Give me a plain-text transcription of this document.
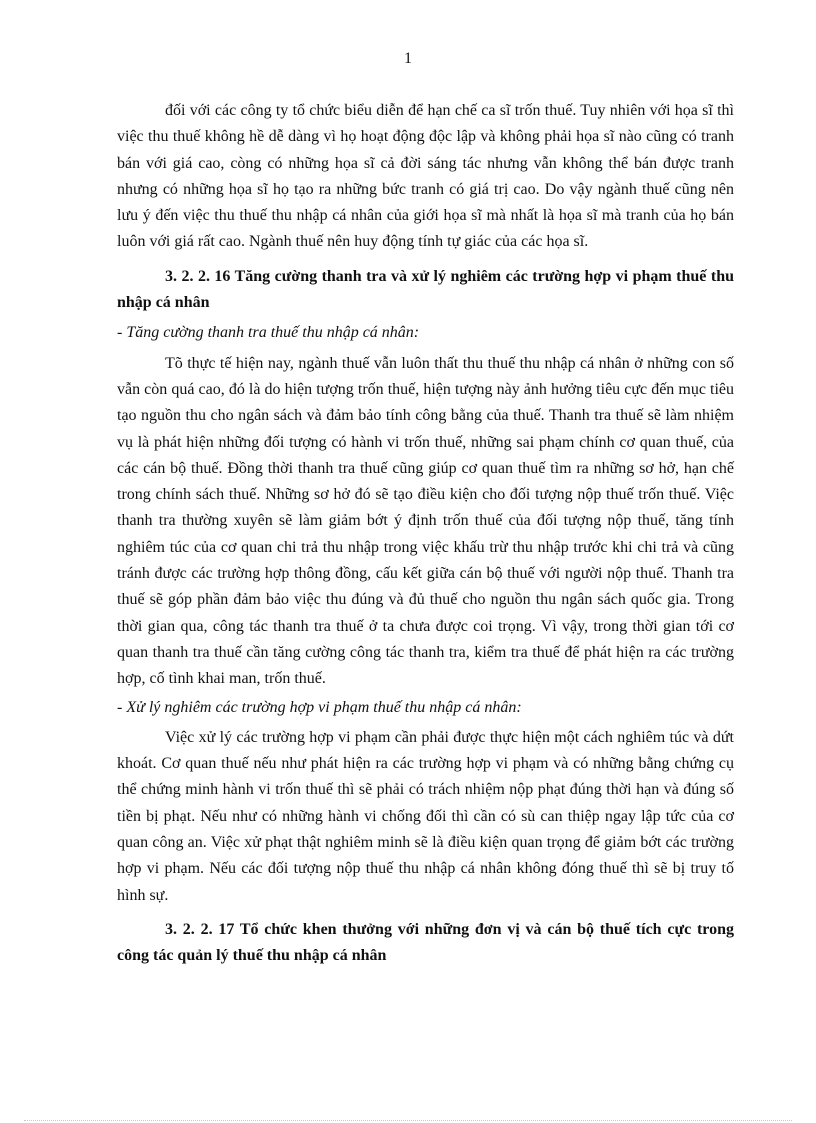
1

đối với các công ty tổ chức biểu diễn để hạn chế ca sĩ trốn thuế. Tuy nhiên với họa sĩ thì việc thu thuế không hề dễ dàng vì họ hoạt động độc lập và không phải họa sĩ nào cũng có tranh bán với giá cao, còng có những họa sĩ cả đời sáng tác nhưng vẫn không thể bán được tranh nhưng có những họa sĩ họ tạo ra những bức tranh có giá trị cao. Do vậy ngành thuế cũng nên lưu ý đến việc thu thuế thu nhập cá nhân của giới họa sĩ mà nhất là họa sĩ mà tranh của họ bán luôn với giá rất cao. Ngành thuế nên huy động tính tự giác của các họa sĩ.

3. 2. 2. 16 Tăng cường thanh tra và xử lý nghiêm các trường hợp vi phạm thuế thu nhập cá nhân

- Tăng cường thanh tra thuế thu nhập cá nhân:

Tõ thực tế hiện nay, ngành thuế vẫn luôn thất thu thuế thu nhập cá nhân ở những con số vẫn còn quá cao, đó là do hiện tượng trốn thuế, hiện tượng này ảnh hưởng tiêu cực đến mục tiêu tạo nguồn thu cho ngân sách và đảm bảo tính công bằng của thuế. Thanh tra thuế sẽ làm nhiệm vụ là phát hiện những đối tượng có hành vi trốn thuế, những sai phạm chính cơ quan thuế, của các cán bộ thuế. Đồng thời thanh tra thuế cũng giúp cơ quan thuế tìm ra những sơ hở, hạn chế trong chính sách thuế. Những sơ hở đó sẽ tạo điều kiện cho đối tượng nộp thuế trốn thuế. Việc thanh tra thường xuyên sẽ làm giảm bớt ý định trốn thuế của đối tượng nộp thuế, tăng tính nghiêm túc của cơ quan chi trả thu nhập trong việc khấu trừ thu nhập trước khi chi trả và cũng tránh được các trường hợp thông đồng, cấu kết giữa cán bộ thuế với người nộp thuế. Thanh tra thuế sẽ góp phần đảm bảo việc thu đúng và đủ thuế cho nguồn thu ngân sách quốc gia. Trong thời gian qua, công tác thanh tra thuế ở ta chưa được coi trọng. Vì vậy, trong thời gian tới cơ quan thanh tra thuế cần tăng cường công tác thanh tra, kiểm tra thuế để phát hiện ra các trường hợp, cố tình khai man, trốn thuế.

- Xử lý nghiêm các trường hợp vi phạm thuế thu nhập cá nhân:

Việc xử lý các trường hợp vi phạm cần phải được thực hiện một cách nghiêm túc và dứt khoát. Cơ quan thuế nếu như phát hiện ra các trường hợp vi phạm và có những bằng chứng cụ thể chứng minh hành vi trốn thuế thì sẽ phải có trách nhiệm nộp phạt đúng thời hạn và đúng số tiền bị phạt. Nếu như có những hành vi chống đối thì cần có sù can thiệp ngay lập tức của cơ quan công an. Việc xử phạt thật nghiêm minh sẽ là điều kiện quan trọng để giảm bớt các trường hợp vi phạm. Nếu các đối tượng nộp thuế thu nhập cá nhân không đóng thuế thì sẽ bị truy tố hình sự.

3. 2. 2. 17 Tổ chức khen thưởng với những đơn vị và cán bộ thuế tích cực trong công tác quản lý thuế thu nhập cá nhân
